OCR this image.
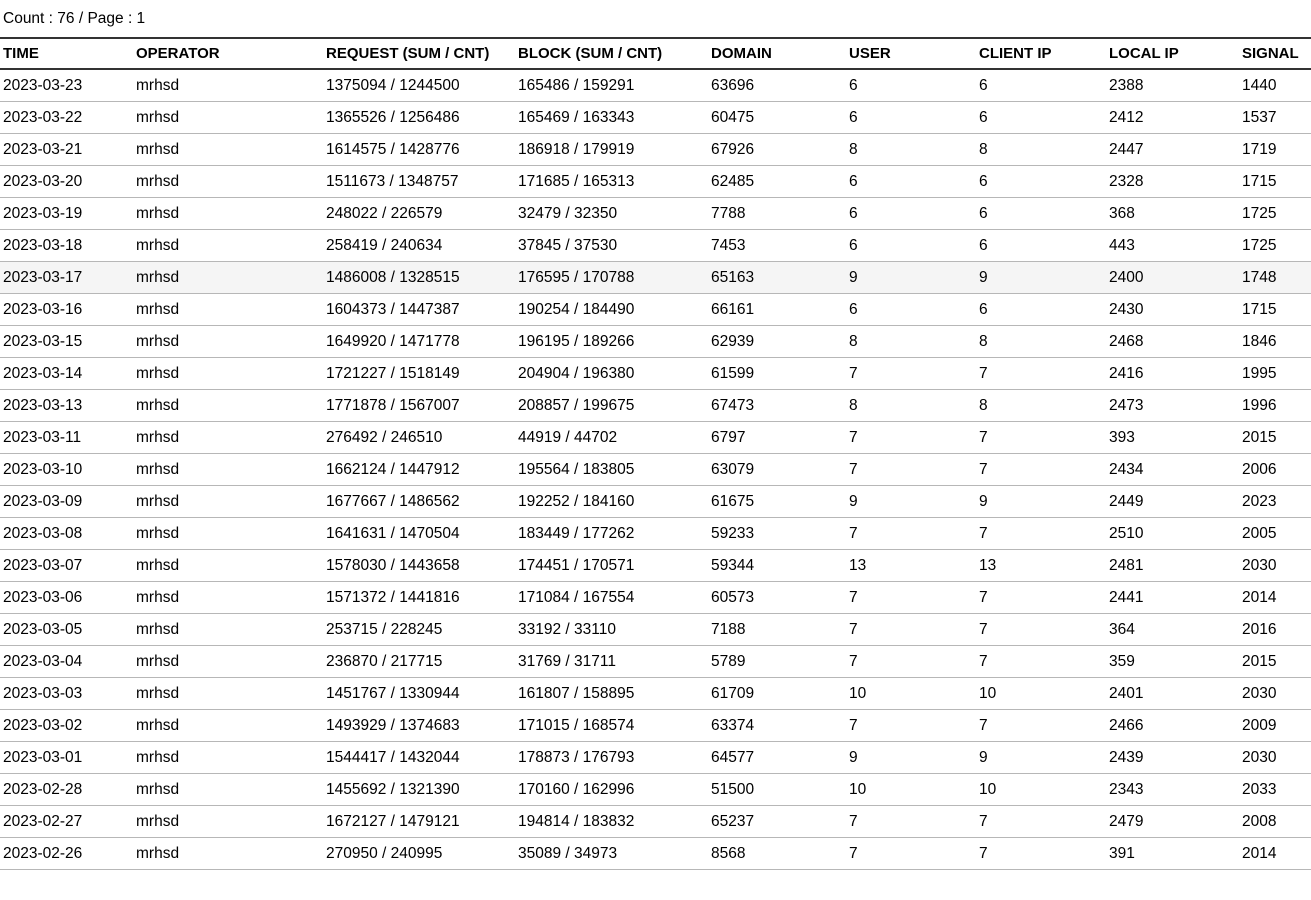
Count : 76 / Page : 1
TIME	OPERATOR	REQUEST (SUM / CNT)	BLOCK (SUM / CNT)	DOMAIN	USER	CLIENT IP	LOCAL IP	SIGNAL
2023-03-23	mrhsd	1375094 / 1244500	165486 / 159291	63696	6	6	2388	1440
2023-03-22	mrhsd	1365526 / 1256486	165469 / 163343	60475	6	6	2412	1537
2023-03-21	mrhsd	1614575 / 1428776	186918 / 179919	67926	8	8	2447	1719
2023-03-20	mrhsd	1511673 / 1348757	171685 / 165313	62485	6	6	2328	1715
2023-03-19	mrhsd	248022 / 226579	32479 / 32350	7788	6	6	368	1725
2023-03-18	mrhsd	258419 / 240634	37845 / 37530	7453	6	6	443	1725
2023-03-17	mrhsd	1486008 / 1328515	176595 / 170788	65163	9	9	2400	1748
2023-03-16	mrhsd	1604373 / 1447387	190254 / 184490	66161	6	6	2430	1715
2023-03-15	mrhsd	1649920 / 1471778	196195 / 189266	62939	8	8	2468	1846
2023-03-14	mrhsd	1721227 / 1518149	204904 / 196380	61599	7	7	2416	1995
2023-03-13	mrhsd	1771878 / 1567007	208857 / 199675	67473	8	8	2473	1996
2023-03-11	mrhsd	276492 / 246510	44919 / 44702	6797	7	7	393	2015
2023-03-10	mrhsd	1662124 / 1447912	195564 / 183805	63079	7	7	2434	2006
2023-03-09	mrhsd	1677667 / 1486562	192252 / 184160	61675	9	9	2449	2023
2023-03-08	mrhsd	1641631 / 1470504	183449 / 177262	59233	7	7	2510	2005
2023-03-07	mrhsd	1578030 / 1443658	174451 / 170571	59344	13	13	2481	2030
2023-03-06	mrhsd	1571372 / 1441816	171084 / 167554	60573	7	7	2441	2014
2023-03-05	mrhsd	253715 / 228245	33192 / 33110	7188	7	7	364	2016
2023-03-04	mrhsd	236870 / 217715	31769 / 31711	5789	7	7	359	2015
2023-03-03	mrhsd	1451767 / 1330944	161807 / 158895	61709	10	10	2401	2030
2023-03-02	mrhsd	1493929 / 1374683	171015 / 168574	63374	7	7	2466	2009
2023-03-01	mrhsd	1544417 / 1432044	178873 / 176793	64577	9	9	2439	2030
2023-02-28	mrhsd	1455692 / 1321390	170160 / 162996	51500	10	10	2343	2033
2023-02-27	mrhsd	1672127 / 1479121	194814 / 183832	65237	7	7	2479	2008
2023-02-26	mrhsd	270950 / 240995	35089 / 34973	8568	7	7	391	2014
